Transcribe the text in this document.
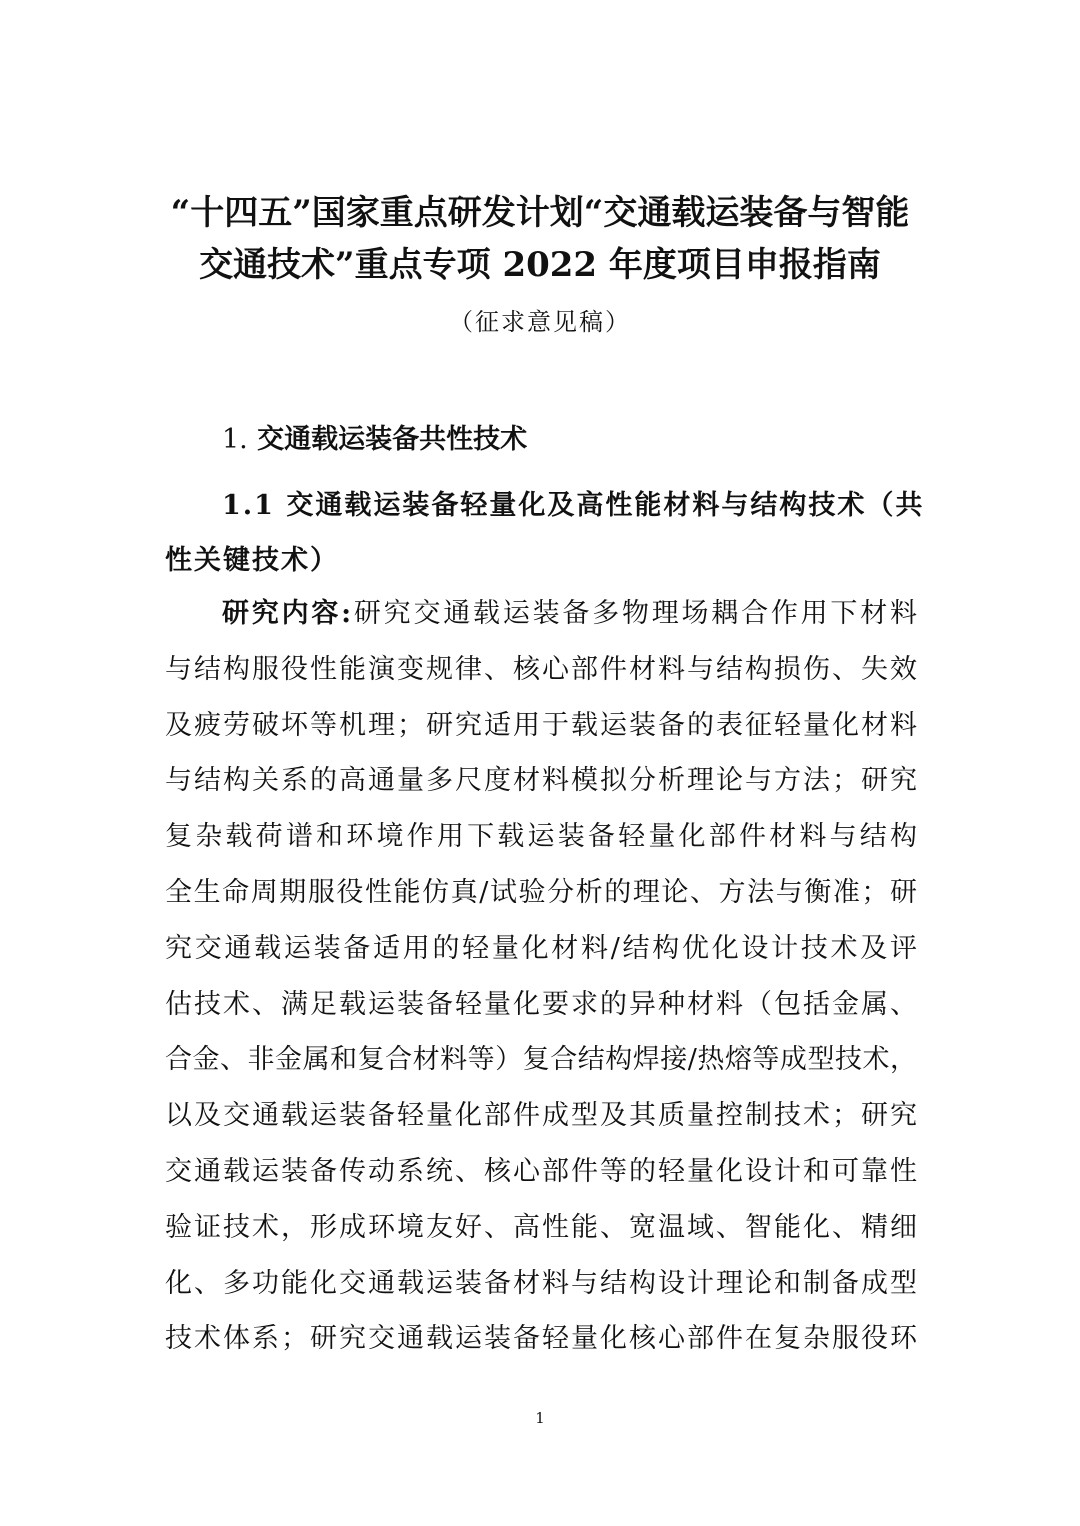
“十四五”国家重点研发计划“交通载运装备与智能
交通技术”重点专项 2022 年度项目申报指南
（征求意见稿）
1. 交通载运装备共性技术
1.1 交通载运装备轻量化及高性能材料与结构技术（共
性关键技术）
研究内容:研究交通载运装备多物理场耦合作用下材料
与结构服役性能演变规律、核心部件材料与结构损伤、失效
及疲劳破坏等机理；研究适用于载运装备的表征轻量化材料
与结构关系的高通量多尺度材料模拟分析理论与方法；研究
复杂载荷谱和环境作用下载运装备轻量化部件材料与结构
全生命周期服役性能仿真/试验分析的理论、方法与衡准；研
究交通载运装备适用的轻量化材料/结构优化设计技术及评
估技术、满足载运装备轻量化要求的异种材料（包括金属、
合金、非金属和复合材料等）复合结构焊接/热熔等成型技术，
以及交通载运装备轻量化部件成型及其质量控制技术；研究
交通载运装备传动系统、核心部件等的轻量化设计和可靠性
验证技术，形成环境友好、高性能、宽温域、智能化、精细
化、多功能化交通载运装备材料与结构设计理论和制备成型
技术体系；研究交通载运装备轻量化核心部件在复杂服役环
1
